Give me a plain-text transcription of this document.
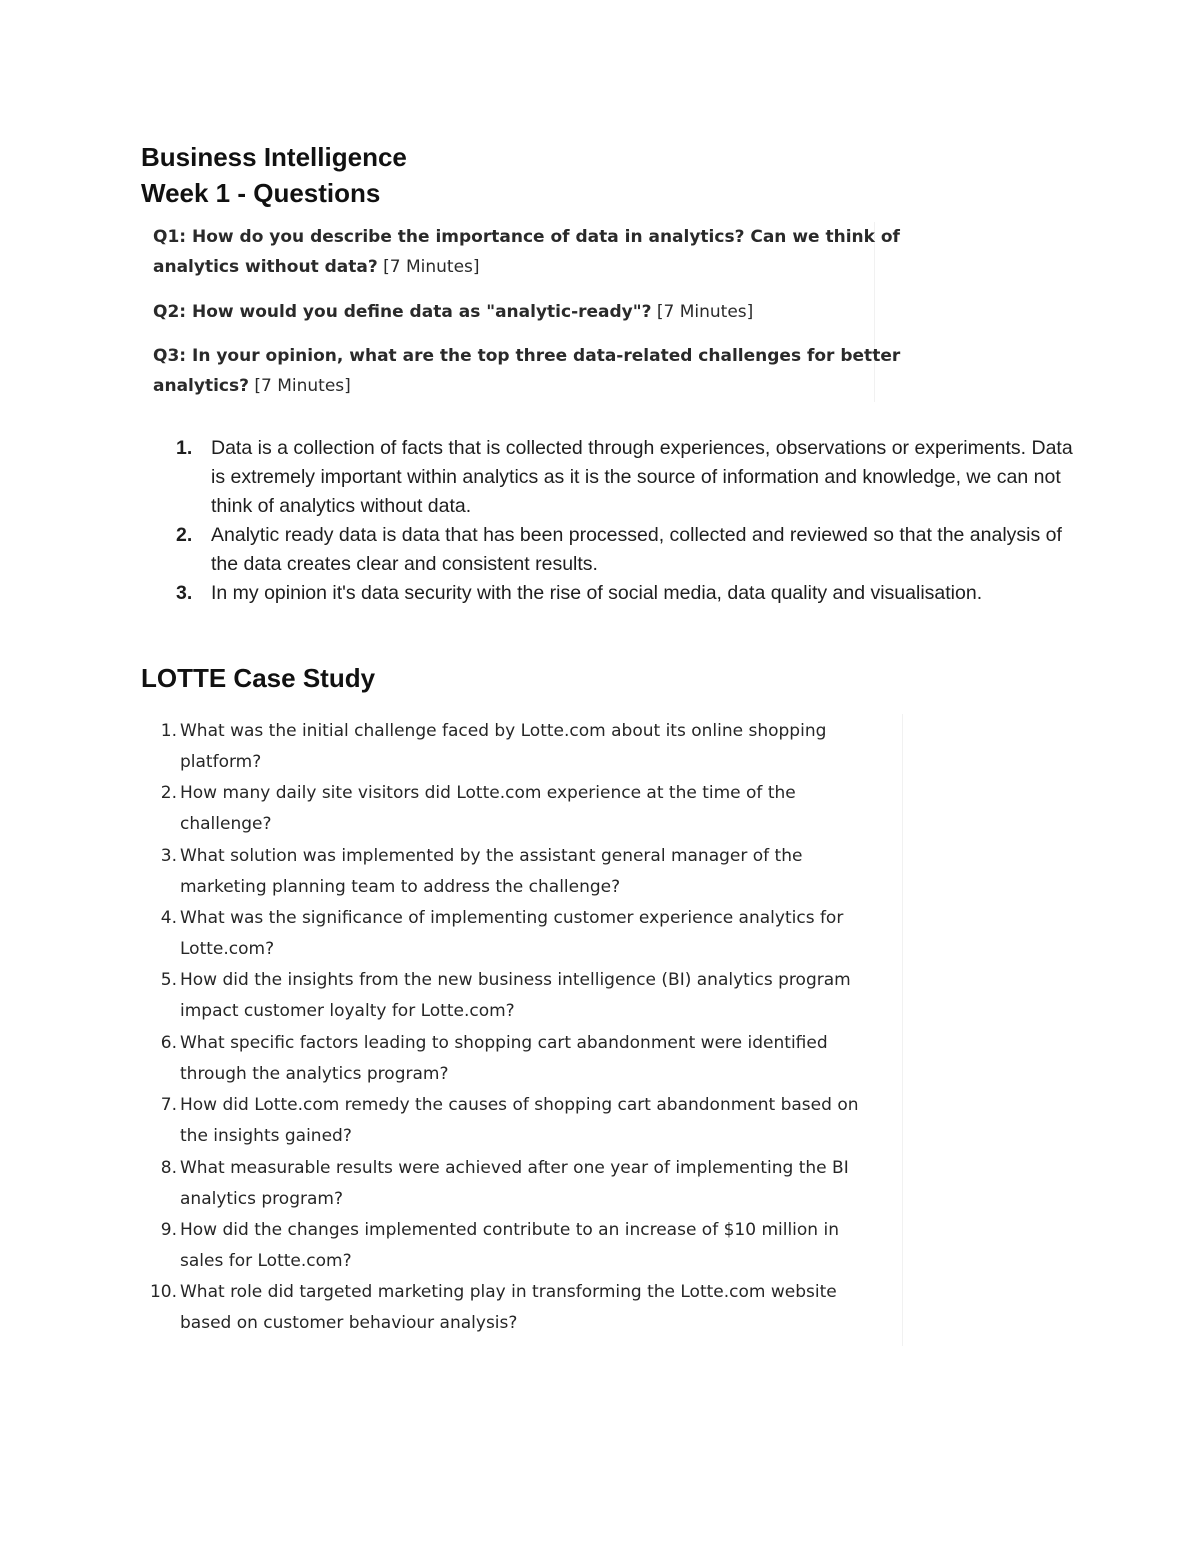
Business Intelligence
Week 1 - Questions
Q1: How do you describe the importance of data in analytics? Can we think of
analytics without data? [7 Minutes]
Q2: How would you define data as "analytic-ready"? [7 Minutes]
Q3: In your opinion, what are the top three data-related challenges for better
analytics? [7 Minutes]
1. Data is a collection of facts that is collected through experiences, observations or experiments. Data is extremely important within analytics as it is the source of information and knowledge, we can not think of analytics without data.
2. Analytic ready data is data that has been processed, collected and reviewed so that the analysis of the data creates clear and consistent results.
3. In my opinion it's data security with the rise of social media, data quality and visualisation.
LOTTE Case Study
1. What was the initial challenge faced by Lotte.com about its online shopping platform?
2. How many daily site visitors did Lotte.com experience at the time of the challenge?
3. What solution was implemented by the assistant general manager of the marketing planning team to address the challenge?
4. What was the significance of implementing customer experience analytics for Lotte.com?
5. How did the insights from the new business intelligence (BI) analytics program impact customer loyalty for Lotte.com?
6. What specific factors leading to shopping cart abandonment were identified through the analytics program?
7. How did Lotte.com remedy the causes of shopping cart abandonment based on the insights gained?
8. What measurable results were achieved after one year of implementing the BI analytics program?
9. How did the changes implemented contribute to an increase of $10 million in sales for Lotte.com?
10. What role did targeted marketing play in transforming the Lotte.com website based on customer behaviour analysis?
